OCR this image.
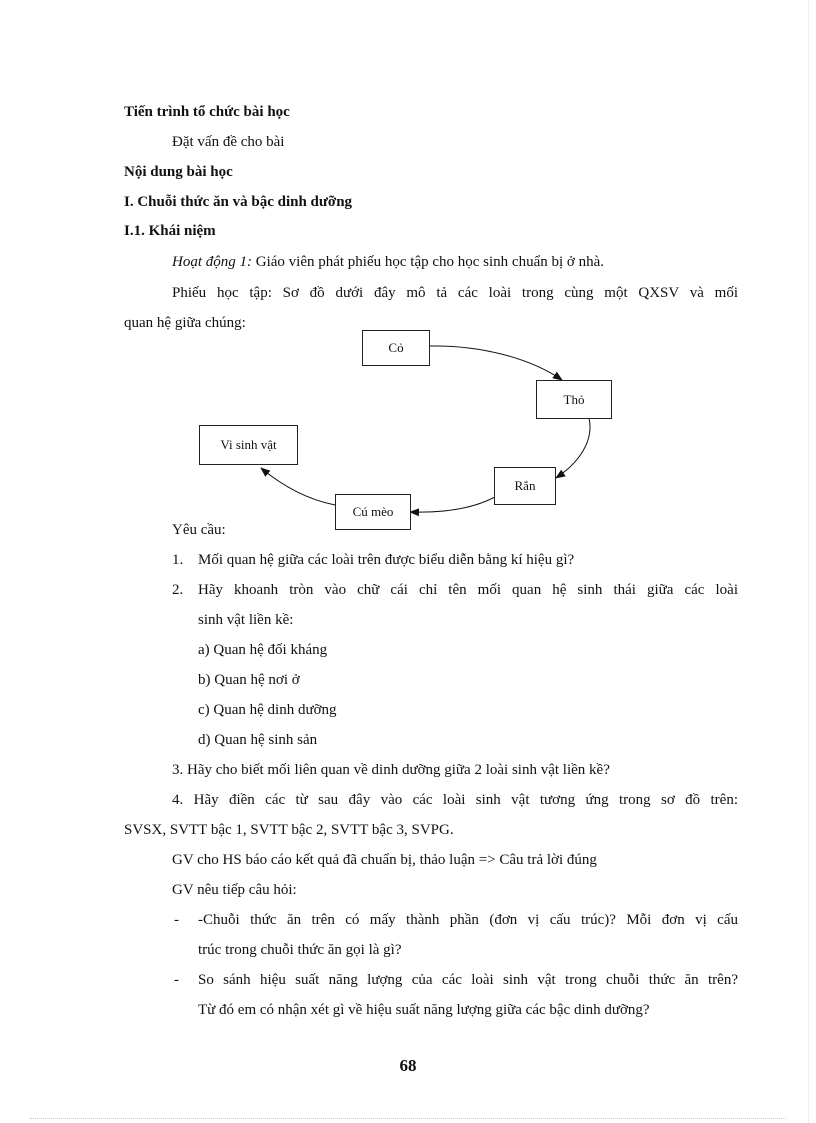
Tiến trình tổ chức bài học
Đặt vấn đề cho bài
Nội dung bài học
I. Chuỗi thức ăn và bậc dinh dưỡng
I.1. Khái niệm
Hoạt động 1: Giáo viên phát phiếu học tập cho học sinh chuẩn bị ở nhà.
Phiếu học tập: Sơ đồ dưới đây mô tả các loài trong cùng một QXSV và mối
quan hệ giữa chúng:
Cỏ
Thỏ
Rắn
Cú mèo
Vi sinh vật
Yêu cầu:
1. Mối quan hệ giữa các loài trên được biểu diễn bằng kí hiệu gì?
2. Hãy khoanh tròn vào chữ cái chỉ tên mối quan hệ sinh thái giữa các loài
sinh vật liền kề:
a) Quan hệ đối kháng
b) Quan hệ nơi ở
c) Quan hệ dinh dưỡng
d) Quan hệ sinh sản
3. Hãy cho biết mối liên quan về dinh dưỡng giữa 2 loài sinh vật liền kề?
4. Hãy điền các từ sau đây vào các loài sinh vật tương ứng trong sơ đồ trên:
SVSX, SVTT bậc 1, SVTT bậc 2, SVTT bậc 3, SVPG.
GV cho HS báo cáo kết quả đã chuẩn bị, thảo luận => Câu trả lời đúng
GV nêu tiếp câu hỏi:
- -Chuỗi thức ăn trên có mấy thành phần (đơn vị cấu trúc)? Mỗi đơn vị cấu
trúc trong chuỗi thức ăn gọi là gì?
- So sánh hiệu suất năng lượng của các loài sinh vật trong chuỗi thức ăn trên?
Từ đó em có nhận xét gì về hiệu suất năng lượng giữa các bậc dinh dưỡng?
68
